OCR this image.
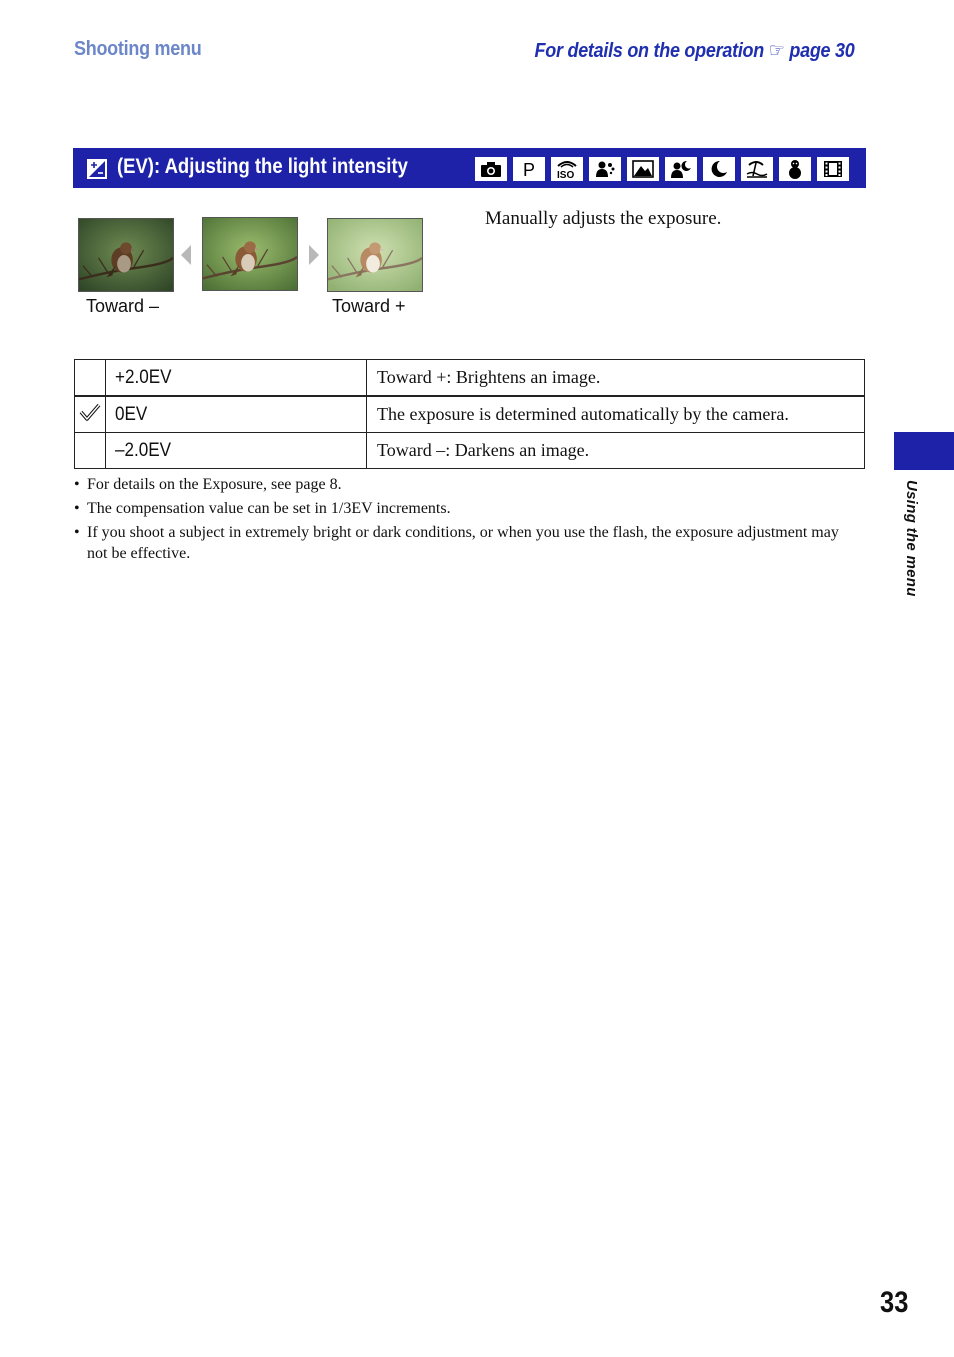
Shooting menu	For details on the operation ☞ page 30
(EV): Adjusting the light intensity	P ISO
Toward –	Toward +
Manually adjusts the exposure.
	+2.0EV	Toward +: Brightens an image.
	0EV	The exposure is determined automatically by the camera.
	–2.0EV	Toward –: Darkens an image.
• For details on the Exposure, see page 8.
• The compensation value can be set in 1/3EV increments.
• If you shoot a subject in extremely bright or dark conditions, or when you use the flash, the exposure adjustment may not be effective.	Using the menu
33
